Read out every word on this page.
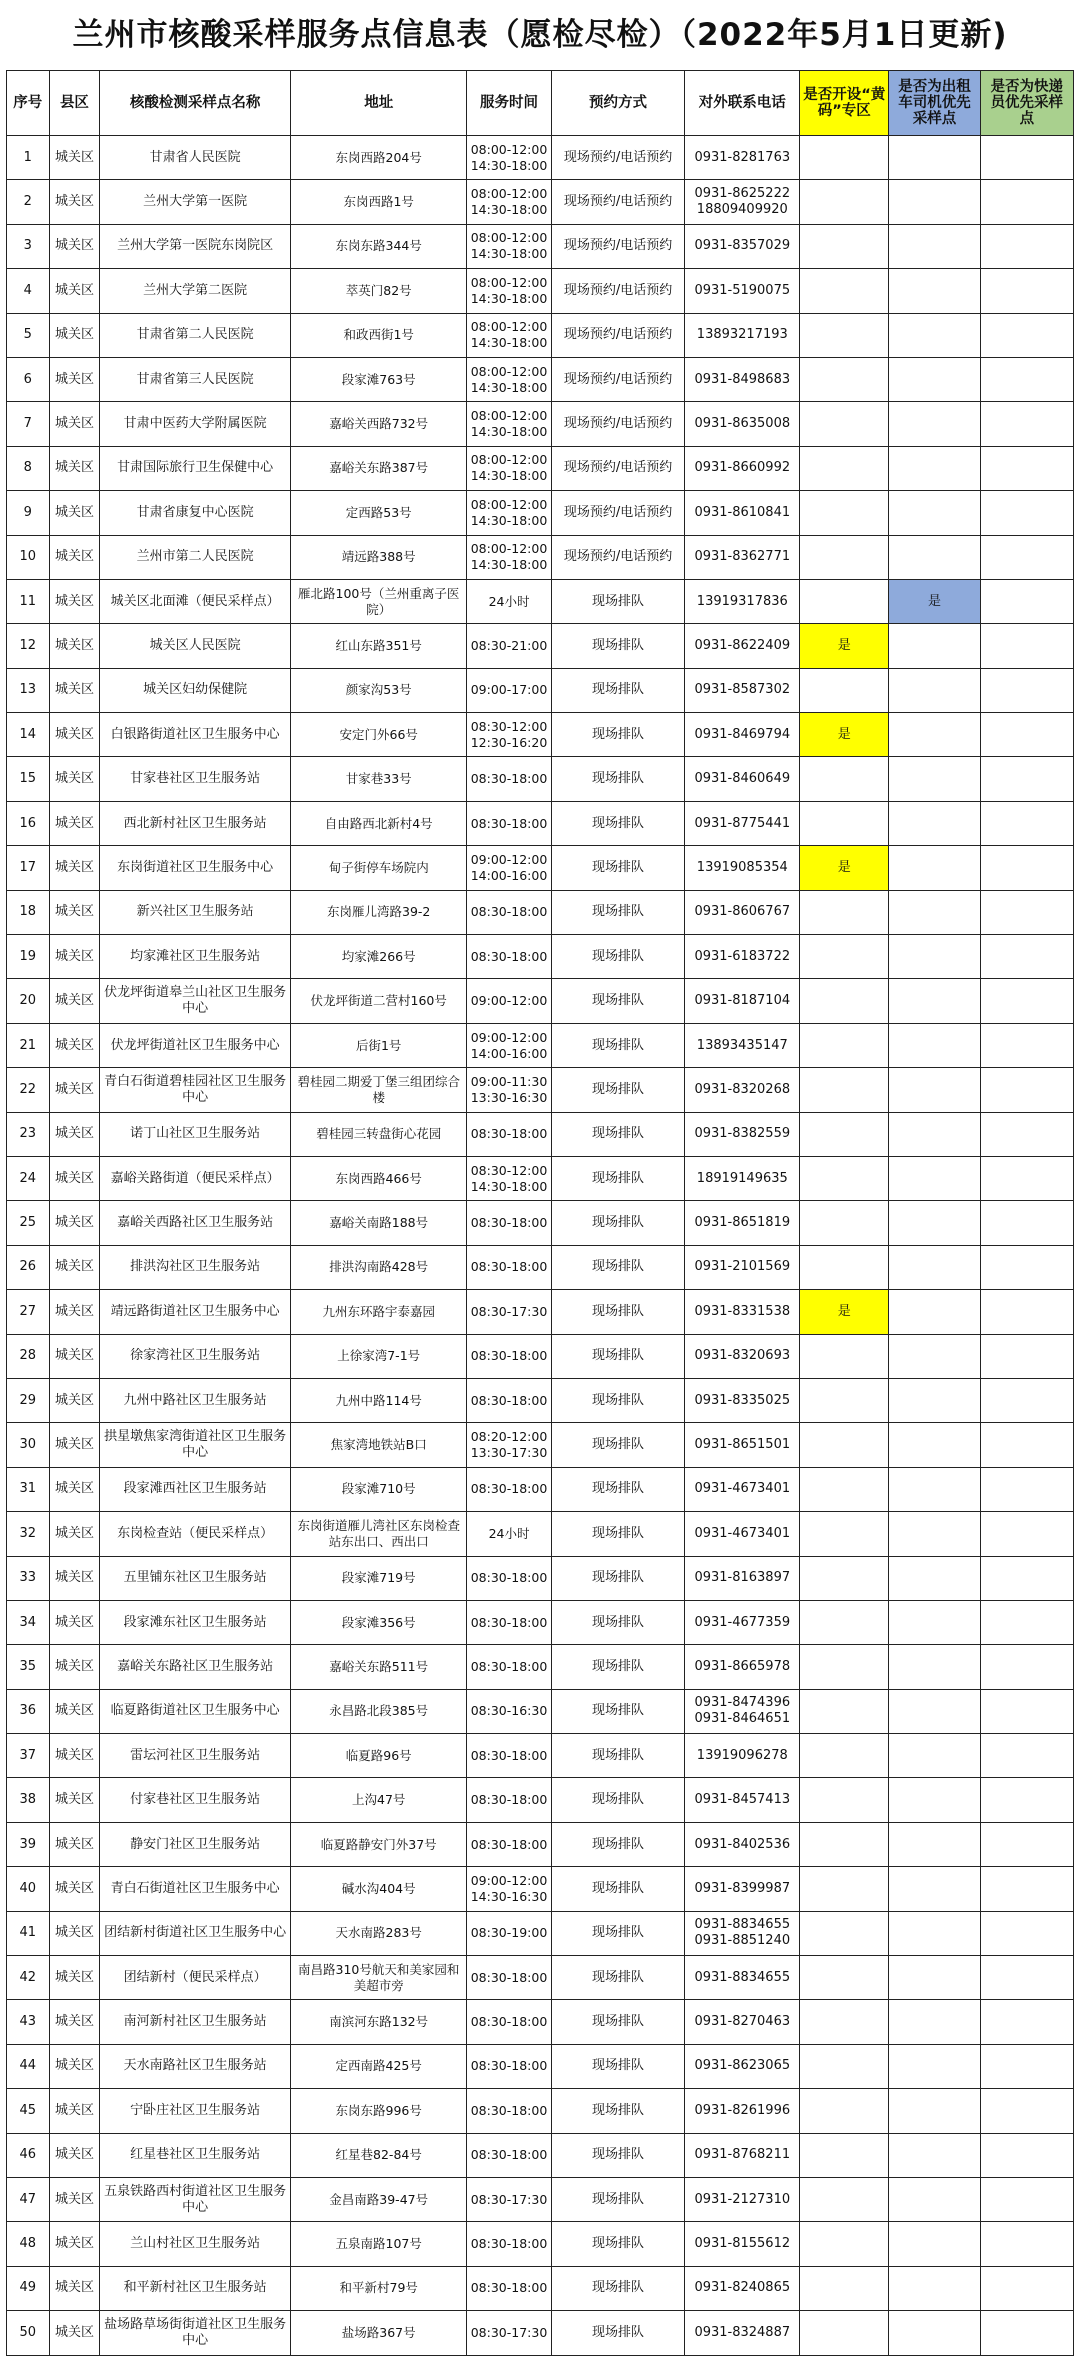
兰州市核酸采样服务点信息表（愿检尽检）（2022年5月1日更新)
序号	县区	核酸检测采样点名称	地址	服务时间	预约方式	对外联系电话	是否开设“黄码”专区	是否为出租车司机优先采样点	是否为快递员优先采样点
1	城关区	甘肃省人民医院	东岗西路204号	08:00-12:00
14:30-18:00	现场预约/电话预约	0931-8281763			
2	城关区	兰州大学第一医院	东岗西路1号	08:00-12:00
14:30-18:00	现场预约/电话预约	0931-8625222
18809409920			
3	城关区	兰州大学第一医院东岗院区	东岗东路344号	08:00-12:00
14:30-18:00	现场预约/电话预约	0931-8357029			
4	城关区	兰州大学第二医院	萃英门82号	08:00-12:00
14:30-18:00	现场预约/电话预约	0931-5190075			
5	城关区	甘肃省第二人民医院	和政西街1号	08:00-12:00
14:30-18:00	现场预约/电话预约	13893217193			
6	城关区	甘肃省第三人民医院	段家滩763号	08:00-12:00
14:30-18:00	现场预约/电话预约	0931-8498683			
7	城关区	甘肃中医药大学附属医院	嘉峪关西路732号	08:00-12:00
14:30-18:00	现场预约/电话预约	0931-8635008			
8	城关区	甘肃国际旅行卫生保健中心	嘉峪关东路387号	08:00-12:00
14:30-18:00	现场预约/电话预约	0931-8660992			
9	城关区	甘肃省康复中心医院	定西路53号	08:00-12:00
14:30-18:00	现场预约/电话预约	0931-8610841			
10	城关区	兰州市第二人民医院	靖远路388号	08:00-12:00
14:30-18:00	现场预约/电话预约	0931-8362771			
11	城关区	城关区北面滩（便民采样点）	雁北路100号（兰州重离子医院）	24小时	现场排队	13919317836		是	
12	城关区	城关区人民医院	红山东路351号	08:30-21:00	现场排队	0931-8622409	是		
13	城关区	城关区妇幼保健院	颜家沟53号	09:00-17:00	现场排队	0931-8587302			
14	城关区	白银路街道社区卫生服务中心	安定门外66号	08:30-12:00
12:30-16:20	现场排队	0931-8469794	是		
15	城关区	甘家巷社区卫生服务站	甘家巷33号	08:30-18:00	现场排队	0931-8460649			
16	城关区	西北新村社区卫生服务站	自由路西北新村4号	08:30-18:00	现场排队	0931-8775441			
17	城关区	东岗街道社区卫生服务中心	甸子街停车场院内	09:00-12:00
14:00-16:00	现场排队	13919085354	是		
18	城关区	新兴社区卫生服务站	东岗雁儿湾路39-2	08:30-18:00	现场排队	0931-8606767			
19	城关区	均家滩社区卫生服务站	均家滩266号	08:30-18:00	现场排队	0931-6183722			
20	城关区	伏龙坪街道皋兰山社区卫生服务中心	伏龙坪街道二营村160号	09:00-12:00	现场排队	0931-8187104			
21	城关区	伏龙坪街道社区卫生服务中心	后街1号	09:00-12:00
14:00-16:00	现场排队	13893435147			
22	城关区	青白石街道碧桂园社区卫生服务中心	碧桂园二期爱丁堡三组团综合楼	09:00-11:30
13:30-16:30	现场排队	0931-8320268			
23	城关区	诺丁山社区卫生服务站	碧桂园三转盘街心花园	08:30-18:00	现场排队	0931-8382559			
24	城关区	嘉峪关路街道（便民采样点）	东岗西路466号	08:30-12:00
14:30-18:00	现场排队	18919149635			
25	城关区	嘉峪关西路社区卫生服务站	嘉峪关南路188号	08:30-18:00	现场排队	0931-8651819			
26	城关区	排洪沟社区卫生服务站	排洪沟南路428号	08:30-18:00	现场排队	0931-2101569			
27	城关区	靖远路街道社区卫生服务中心	九州东环路宇泰嘉园	08:30-17:30	现场排队	0931-8331538	是		
28	城关区	徐家湾社区卫生服务站	上徐家湾7-1号	08:30-18:00	现场排队	0931-8320693			
29	城关区	九州中路社区卫生服务站	九州中路114号	08:30-18:00	现场排队	0931-8335025			
30	城关区	拱星墩焦家湾街道社区卫生服务中心	焦家湾地铁站B口	08:20-12:00
13:30-17:30	现场排队	0931-8651501			
31	城关区	段家滩西社区卫生服务站	段家滩710号	08:30-18:00	现场排队	0931-4673401			
32	城关区	东岗检查站（便民采样点）	东岗街道雁儿湾社区东岗检查站东出口、西出口	24小时	现场排队	0931-4673401			
33	城关区	五里铺东社区卫生服务站	段家滩719号	08:30-18:00	现场排队	0931-8163897			
34	城关区	段家滩东社区卫生服务站	段家滩356号	08:30-18:00	现场排队	0931-4677359			
35	城关区	嘉峪关东路社区卫生服务站	嘉峪关东路511号	08:30-18:00	现场排队	0931-8665978			
36	城关区	临夏路街道社区卫生服务中心	永昌路北段385号	08:30-16:30	现场排队	0931-8474396
0931-8464651			
37	城关区	雷坛河社区卫生服务站	临夏路96号	08:30-18:00	现场排队	13919096278			
38	城关区	付家巷社区卫生服务站	上沟47号	08:30-18:00	现场排队	0931-8457413			
39	城关区	静安门社区卫生服务站	临夏路静安门外37号	08:30-18:00	现场排队	0931-8402536			
40	城关区	青白石街道社区卫生服务中心	碱水沟404号	09:00-12:00
14:30-16:30	现场排队	0931-8399987			
41	城关区	团结新村街道社区卫生服务中心	天水南路283号	08:30-19:00	现场排队	0931-8834655
0931-8851240			
42	城关区	团结新村（便民采样点）	南昌路310号航天和美家园和美超市旁	08:30-18:00	现场排队	0931-8834655			
43	城关区	南河新村社区卫生服务站	南滨河东路132号	08:30-18:00	现场排队	0931-8270463			
44	城关区	天水南路社区卫生服务站	定西南路425号	08:30-18:00	现场排队	0931-8623065			
45	城关区	宁卧庄社区卫生服务站	东岗东路996号	08:30-18:00	现场排队	0931-8261996			
46	城关区	红星巷社区卫生服务站	红星巷82-84号	08:30-18:00	现场排队	0931-8768211			
47	城关区	五泉铁路西村街道社区卫生服务中心	金昌南路39-47号	08:30-17:30	现场排队	0931-2127310			
48	城关区	兰山村社区卫生服务站	五泉南路107号	08:30-18:00	现场排队	0931-8155612			
49	城关区	和平新村社区卫生服务站	和平新村79号	08:30-18:00	现场排队	0931-8240865			
50	城关区	盐场路草场街街道社区卫生服务中心	盐场路367号	08:30-17:30	现场排队	0931-8324887			
